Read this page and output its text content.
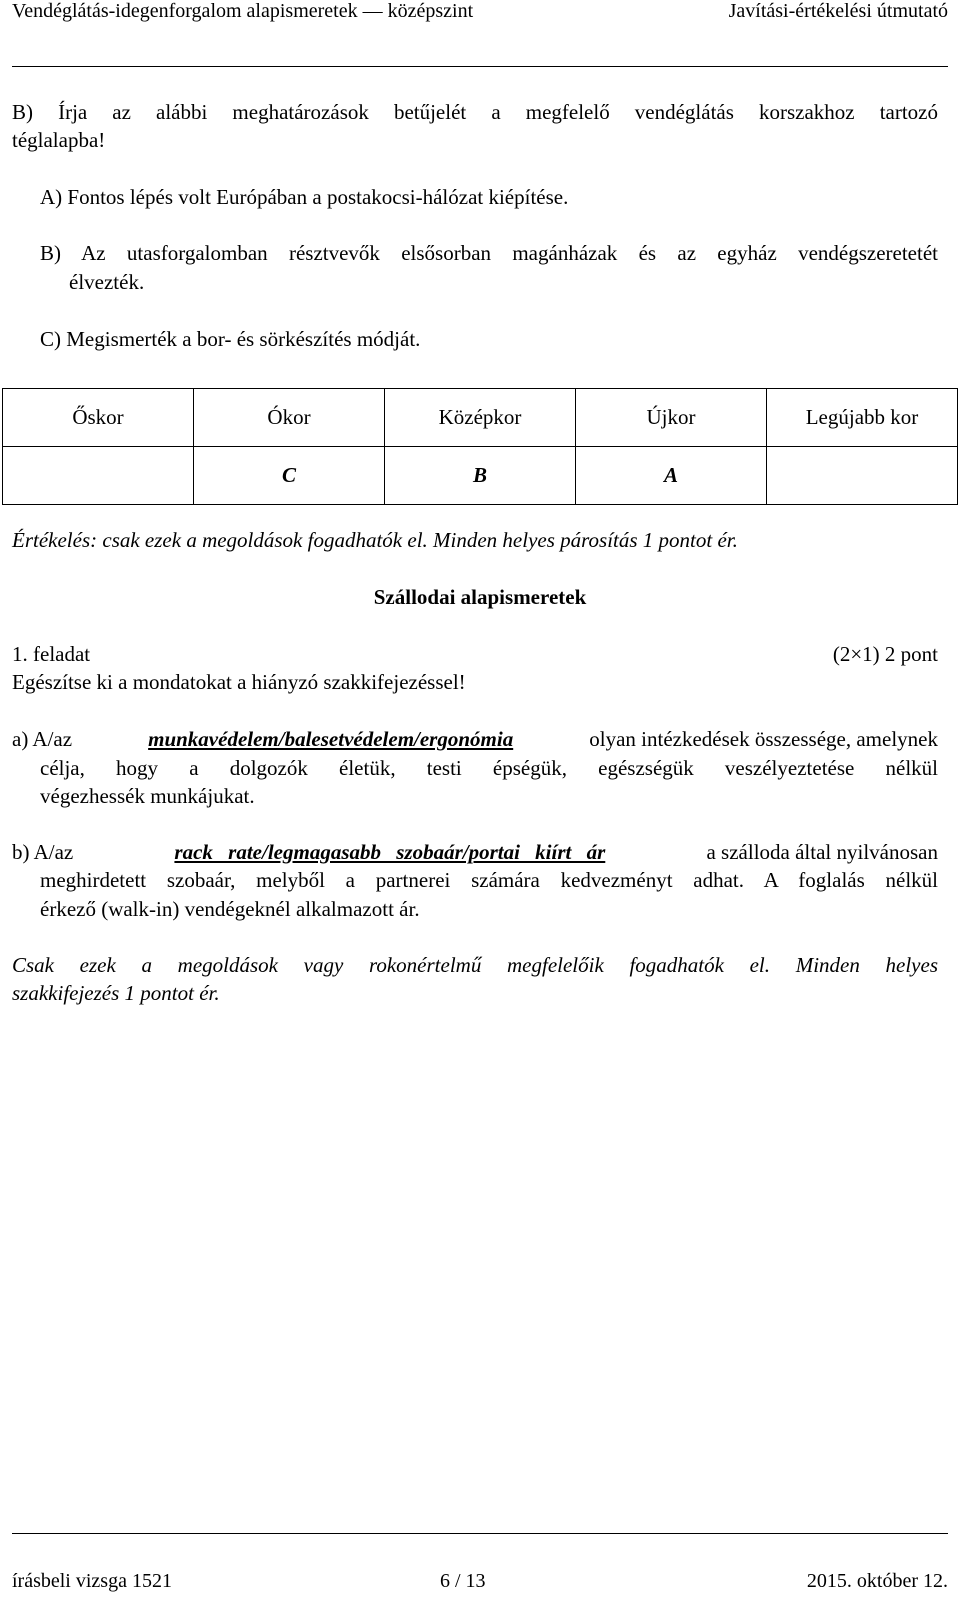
Vendéglátás-idegenforgalom alapismeretek — középszint	Javítási-értékelési útmutató
B) Írja az alábbi meghatározások betűjelét a megfelelő vendéglátás korszakhoz tartozó
téglalapba!
A) Fontos lépés volt Európában a postakocsi-hálózat kiépítése.
B) Az utasforgalomban résztvevők elsősorban magánházak és az egyház vendégszeretetét
élvezték.
C) Megismerték a bor- és sörkészítés módját.
Őskor	Ókor	Középkor	Újkor	Legújabb kor
	C	B	A	
Értékelés: csak ezek a megoldások fogadhatók el. Minden helyes párosítás 1 pontot ér.
Szállodai alapismeretek
1. feladat	(2×1) 2 pont
Egészítse ki a mondatokat a hiányzó szakkifejezéssel!
a) A/az	munkavédelem/balesetvédelem/ergonómia	olyan intézkedések összessége, amelynek
célja, hogy a dolgozók életük, testi épségük, egészségük veszélyeztetése nélkül
végezhessék munkájukat.
b) A/az	rack rate/legmagasabb szobaár/portai kiírt ár	a szálloda által nyilvánosan
meghirdetett szobaár, melyből a partnerei számára kedvezményt adhat. A foglalás nélkül
érkező (walk-in) vendégeknél alkalmazott ár.
Csak ezek a megoldások vagy rokonértelmű megfelelőik fogadhatók el. Minden helyes
szakkifejezés 1 pontot ér.
írásbeli vizsga 1521	6 / 13	2015. október 12.
